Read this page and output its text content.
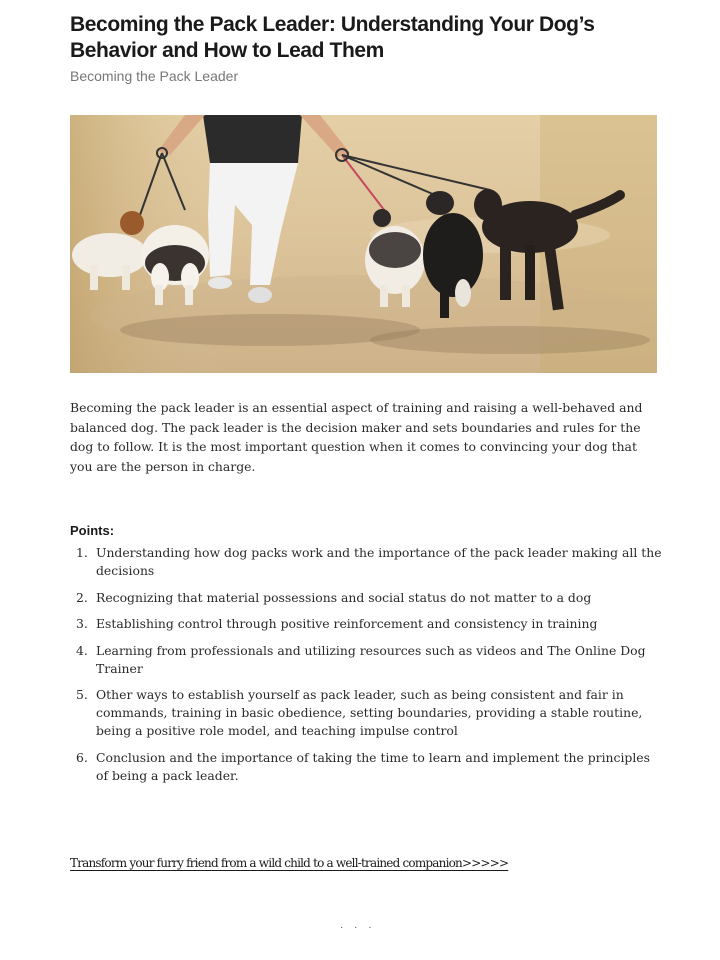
Becoming the Pack Leader: Understanding Your Dog’s Behavior and How to Lead Them

Becoming the Pack Leader

Becoming the pack leader is an essential aspect of training and raising a well-behaved and balanced dog. The pack leader is the decision maker and sets boundaries and rules for the dog to follow. It is the most important question when it comes to convincing your dog that you are the person in charge.

Points:

1. Understanding how dog packs work and the importance of the pack leader making all the decisions
2. Recognizing that material possessions and social status do not matter to a dog
3. Establishing control through positive reinforcement and consistency in training
4. Learning from professionals and utilizing resources such as videos and The Online Dog Trainer
5. Other ways to establish yourself as pack leader, such as being consistent and fair in commands, training in basic obedience, setting boundaries, providing a stable routine, being a positive role model, and teaching impulse control
6. Conclusion and the importance of taking the time to learn and implement the principles of being a pack leader.
Transform your furry friend from a wild child to a well-trained companion>>>>>
· · ·
